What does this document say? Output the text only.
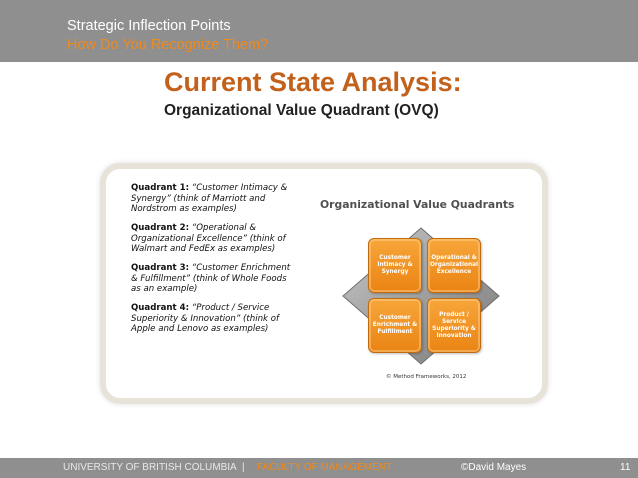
Strategic Inflection Points
How Do You Recognize Them?
Current State Analysis:
Organizational Value Quadrant (OVQ)

Quadrant 1: “Customer Intimacy & Synergy” (think of Marriott and Nordstrom as examples)

Quadrant 2: “Operational & Organizational Excellence” (think of Walmart and FedEx as examples)

Quadrant 3: “Customer Enrichment & Fulfillment” (think of Whole Foods as an example)

Quadrant 4: “Product / Service Superiority & Innovation” (think of Apple and Lenovo as examples)

Organizational Value Quadrants
Customer Intimacy & Synergy
Operational & Organizational Excellence
Customer Enrichment & Fulfillment
Product / Service Superiority & Innovation
© Method Frameworks, 2012
UNIVERSITY OF BRITISH COLUMBIA | FACULTY OF MANAGEMENT	©David Mayes	11
